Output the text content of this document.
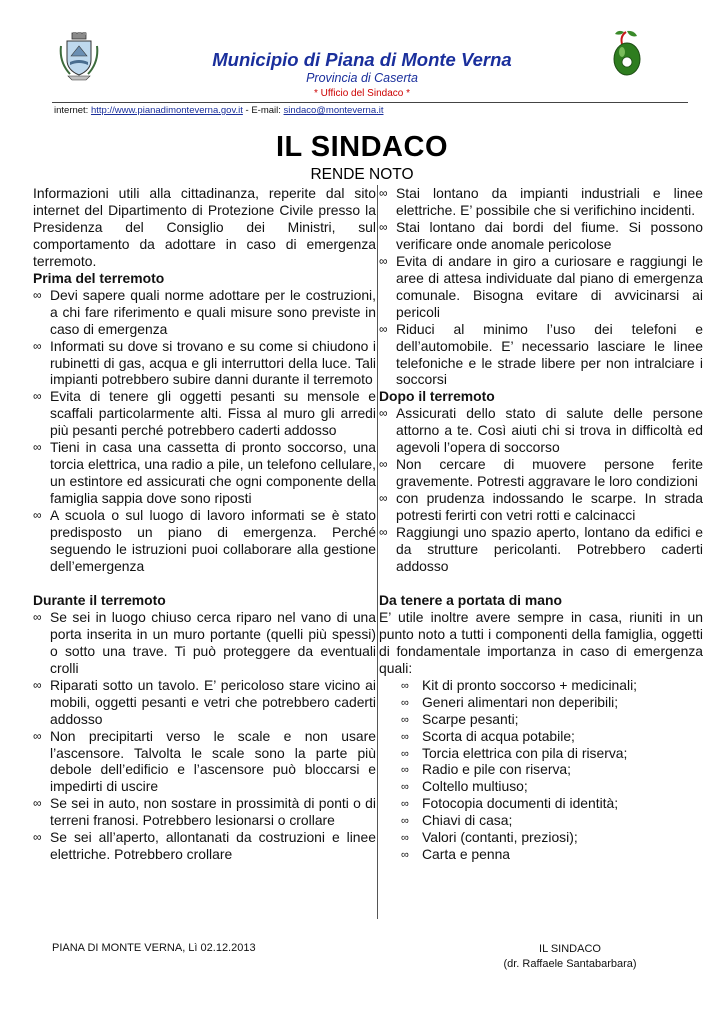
Municipio di Piana di Monte Verna
Provincia di Caserta
* Ufficio del Sindaco *
internet: http://www.pianadimonteverna.gov.it - E-mail: sindaco@monteverna.it
IL SINDACO
RENDE NOTO

Informazioni utili alla cittadinanza, reperite dal sito internet del Dipartimento di Protezione Civile presso la Presidenza del Consiglio dei Ministri, sul comportamento da adottare in caso di emergenza terremoto.

Prima del terremoto

∞ Devi sapere quali norme adottare per le costruzioni, a chi fare riferimento e quali misure sono previste in caso di emergenza
∞ Informati su dove si trovano e su come si chiudono i rubinetti di gas, acqua e gli interruttori della luce. Tali impianti potrebbero subire danni durante il terremoto
∞ Evita di tenere gli oggetti pesanti su mensole e scaffali particolarmente alti. Fissa al muro gli arredi più pesanti perché potrebbero caderti addosso
∞ Tieni in casa una cassetta di pronto soccorso, una torcia elettrica, una radio a pile, un telefono cellulare, un estintore ed assicurati che ogni componente della famiglia sappia dove sono riposti
∞ A scuola o sul luogo di lavoro informati se è stato predisposto un piano di emergenza. Perché seguendo le istruzioni puoi collaborare alla gestione dell’emergenza

Durante il terremoto

∞ Se sei in luogo chiuso cerca riparo nel vano di una porta inserita in un muro portante (quelli più spessi) o sotto una trave. Ti può proteggere da eventuali crolli
∞ Riparati sotto un tavolo. E’ pericoloso stare vicino ai mobili, oggetti pesanti e vetri che potrebbero caderti addosso
∞ Non precipitarti verso le scale e non usare l’ascensore. Talvolta le scale sono la parte più debole dell’edificio e l’ascensore può bloccarsi e impedirti di uscire
∞ Se sei in auto, non sostare in prossimità di ponti o di terreni franosi. Potrebbero lesionarsi o crollare
∞ Se sei all’aperto, allontanati da costruzioni e linee elettriche. Potrebbero crollare
∞ Stai lontano da impianti industriali e linee elettriche. E’ possibile che si verifichino incidenti.
∞ Stai lontano dai bordi del fiume. Si possono verificare onde anomale pericolose
∞ Evita di andare in giro a curiosare e raggiungi le aree di attesa individuate dal piano di emergenza comunale. Bisogna evitare di avvicinarsi ai pericoli
∞ Riduci al minimo l’uso dei telefoni e dell’automobile. E’ necessario lasciare le linee telefoniche e le strade libere per non intralciare i soccorsi

Dopo il terremoto

∞ Assicurati dello stato di salute delle persone attorno a te. Così aiuti chi si trova in difficoltà ed agevoli l’opera di soccorso
∞ Non cercare di muovere persone ferite gravemente. Potresti aggravare le loro condizioni
∞ con prudenza indossando le scarpe. In strada potresti ferirti con vetri rotti e calcinacci
∞ Raggiungi uno spazio aperto, lontano da edifici e da strutture pericolanti. Potrebbero caderti addosso

Da tenere a portata di mano

E’ utile inoltre avere sempre in casa, riuniti in un punto noto a tutti i componenti della famiglia, oggetti di fondamentale importanza in caso di emergenza quali:

∞ Kit di pronto soccorso + medicinali;
∞ Generi alimentari non deperibili;
∞ Scarpe pesanti;
∞ Scorta di acqua potabile;
∞ Torcia elettrica con pila di riserva;
∞ Radio e pile con riserva;
∞ Coltello multiuso;
∞ Fotocopia documenti di identità;
∞ Chiavi di casa;
∞ Valori (contanti, preziosi);
∞ Carta e penna
PIANA DI MONTE VERNA, Lì 02.12.2013	IL SINDACO
(dr. Raffaele Santabarbara)
